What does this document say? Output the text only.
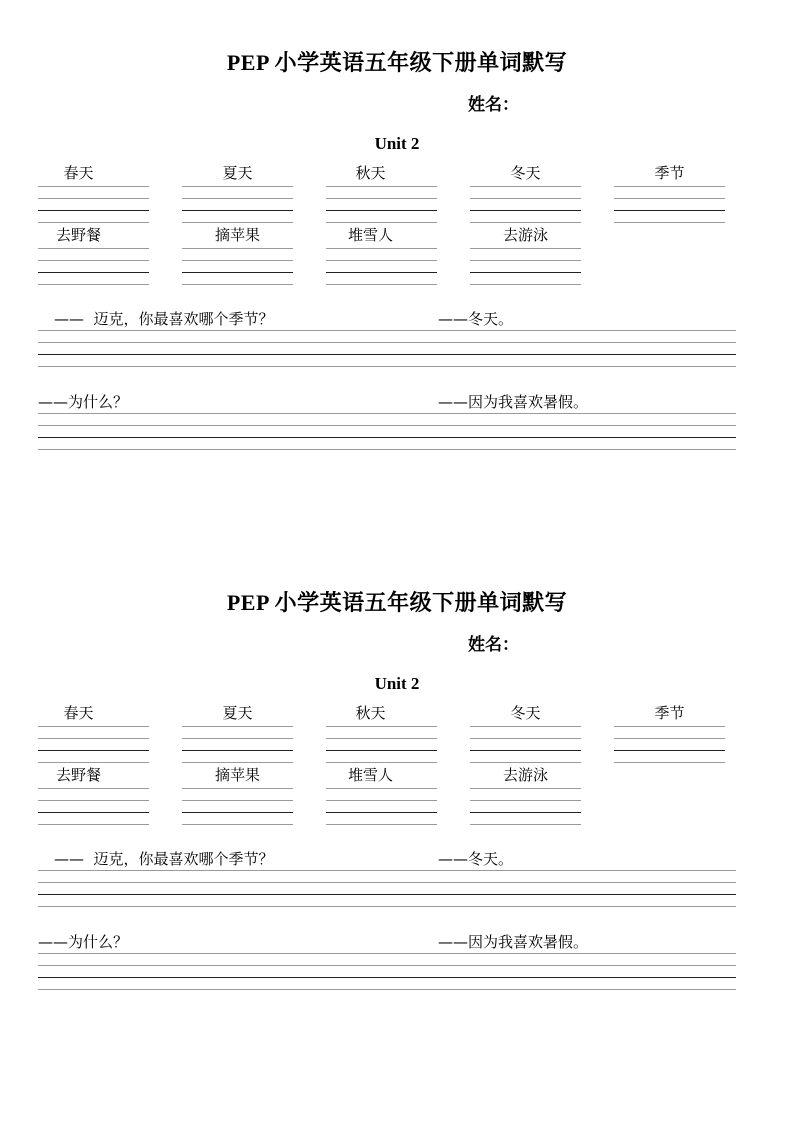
PEP 小学英语五年级下册单词默写
姓名：
Unit 2
春天	夏天	秋天	冬天	季节
去野餐	摘苹果	堆雪人	去游泳
——  迈克，你最喜欢哪个季节？	——冬天。
——为什么？	——因为我喜欢暑假。
PEP 小学英语五年级下册单词默写
姓名：
Unit 2
春天	夏天	秋天	冬天	季节
去野餐	摘苹果	堆雪人	去游泳
——  迈克，你最喜欢哪个季节？	——冬天。
——为什么？	——因为我喜欢暑假。
